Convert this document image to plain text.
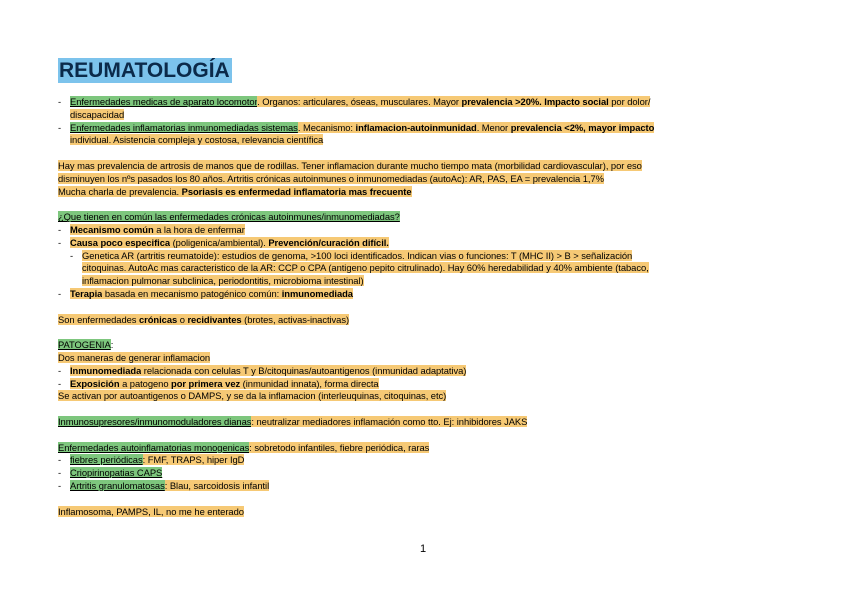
REUMATOLOGÍA
- Enfermedades medicas de aparato locomotor. Organos: articulares, óseas, musculares. Mayor prevalencia >20%. Impacto social por dolor/
discapacidad
- Enfermedades inflamatorias inmunomediadas sistemas. Mecanismo: inflamacion-autoinmunidad. Menor prevalencia <2%, mayor impacto
individual. Asistencia compleja y costosa, relevancia científica
Hay mas prevalencia de artrosis de manos que de rodillas. Tener inflamacion durante mucho tiempo mata (morbilidad cardiovascular), por eso
disminuyen los nºs pasados los 80 años. Artritis crónicas autoinmunes o inmunomediadas (autoAc): AR, PAS, EA = prevalencia 1,7%
Mucha charla de prevalencia. Psoriasis es enfermedad inflamatoria mas frecuente
¿Que tienen en común las enfermedades crónicas autoinmunes/inmunomediadas?
- Mecanismo común a la hora de enfermar
- Causa poco especifica (poligenica/ambiental). Prevención/curación difícil.
- Genetica AR (artritis reumatoide): estudios de genoma, >100 loci identificados. Indican vias o funciones: T (MHC II) > B > señalización
citoquinas. AutoAc mas caracteristico de la AR: CCP o CPA (antigeno pepito citrulinado). Hay 60% heredabilidad y 40% ambiente (tabaco,
inflamacion pulmonar subclinica, periodontitis, microbioma intestinal)
- Terapia basada en mecanismo patogénico común: inmunomediada
Son enfermedades crónicas o recidivantes (brotes, activas-inactivas)
PATOGENIA:
Dos maneras de generar inflamacion
- Inmunomediada relacionada con celulas T y B/citoquinas/autoantigenos (inmunidad adaptativa)
- Exposición a patogeno por primera vez (inmunidad innata), forma directa
Se activan por autoantigenos o DAMPS, y se da la inflamacion (interleuquinas, citoquinas, etc)
Inmunosupresores/inmunomoduladores dianas: neutralizar mediadores inflamación como tto. Ej: inhibidores JAKS
Enfermedades autoinflamatorias monogenicas: sobretodo infantiles, fiebre periódica, raras
- fiebres periódicas: FMF, TRAPS, hiper IgD
- Criopirinopatias CAPS
- Artritis granulomatosas: Blau, sarcoidosis infantil
Inflamosoma, PAMPS, IL, no me he enterado
1
